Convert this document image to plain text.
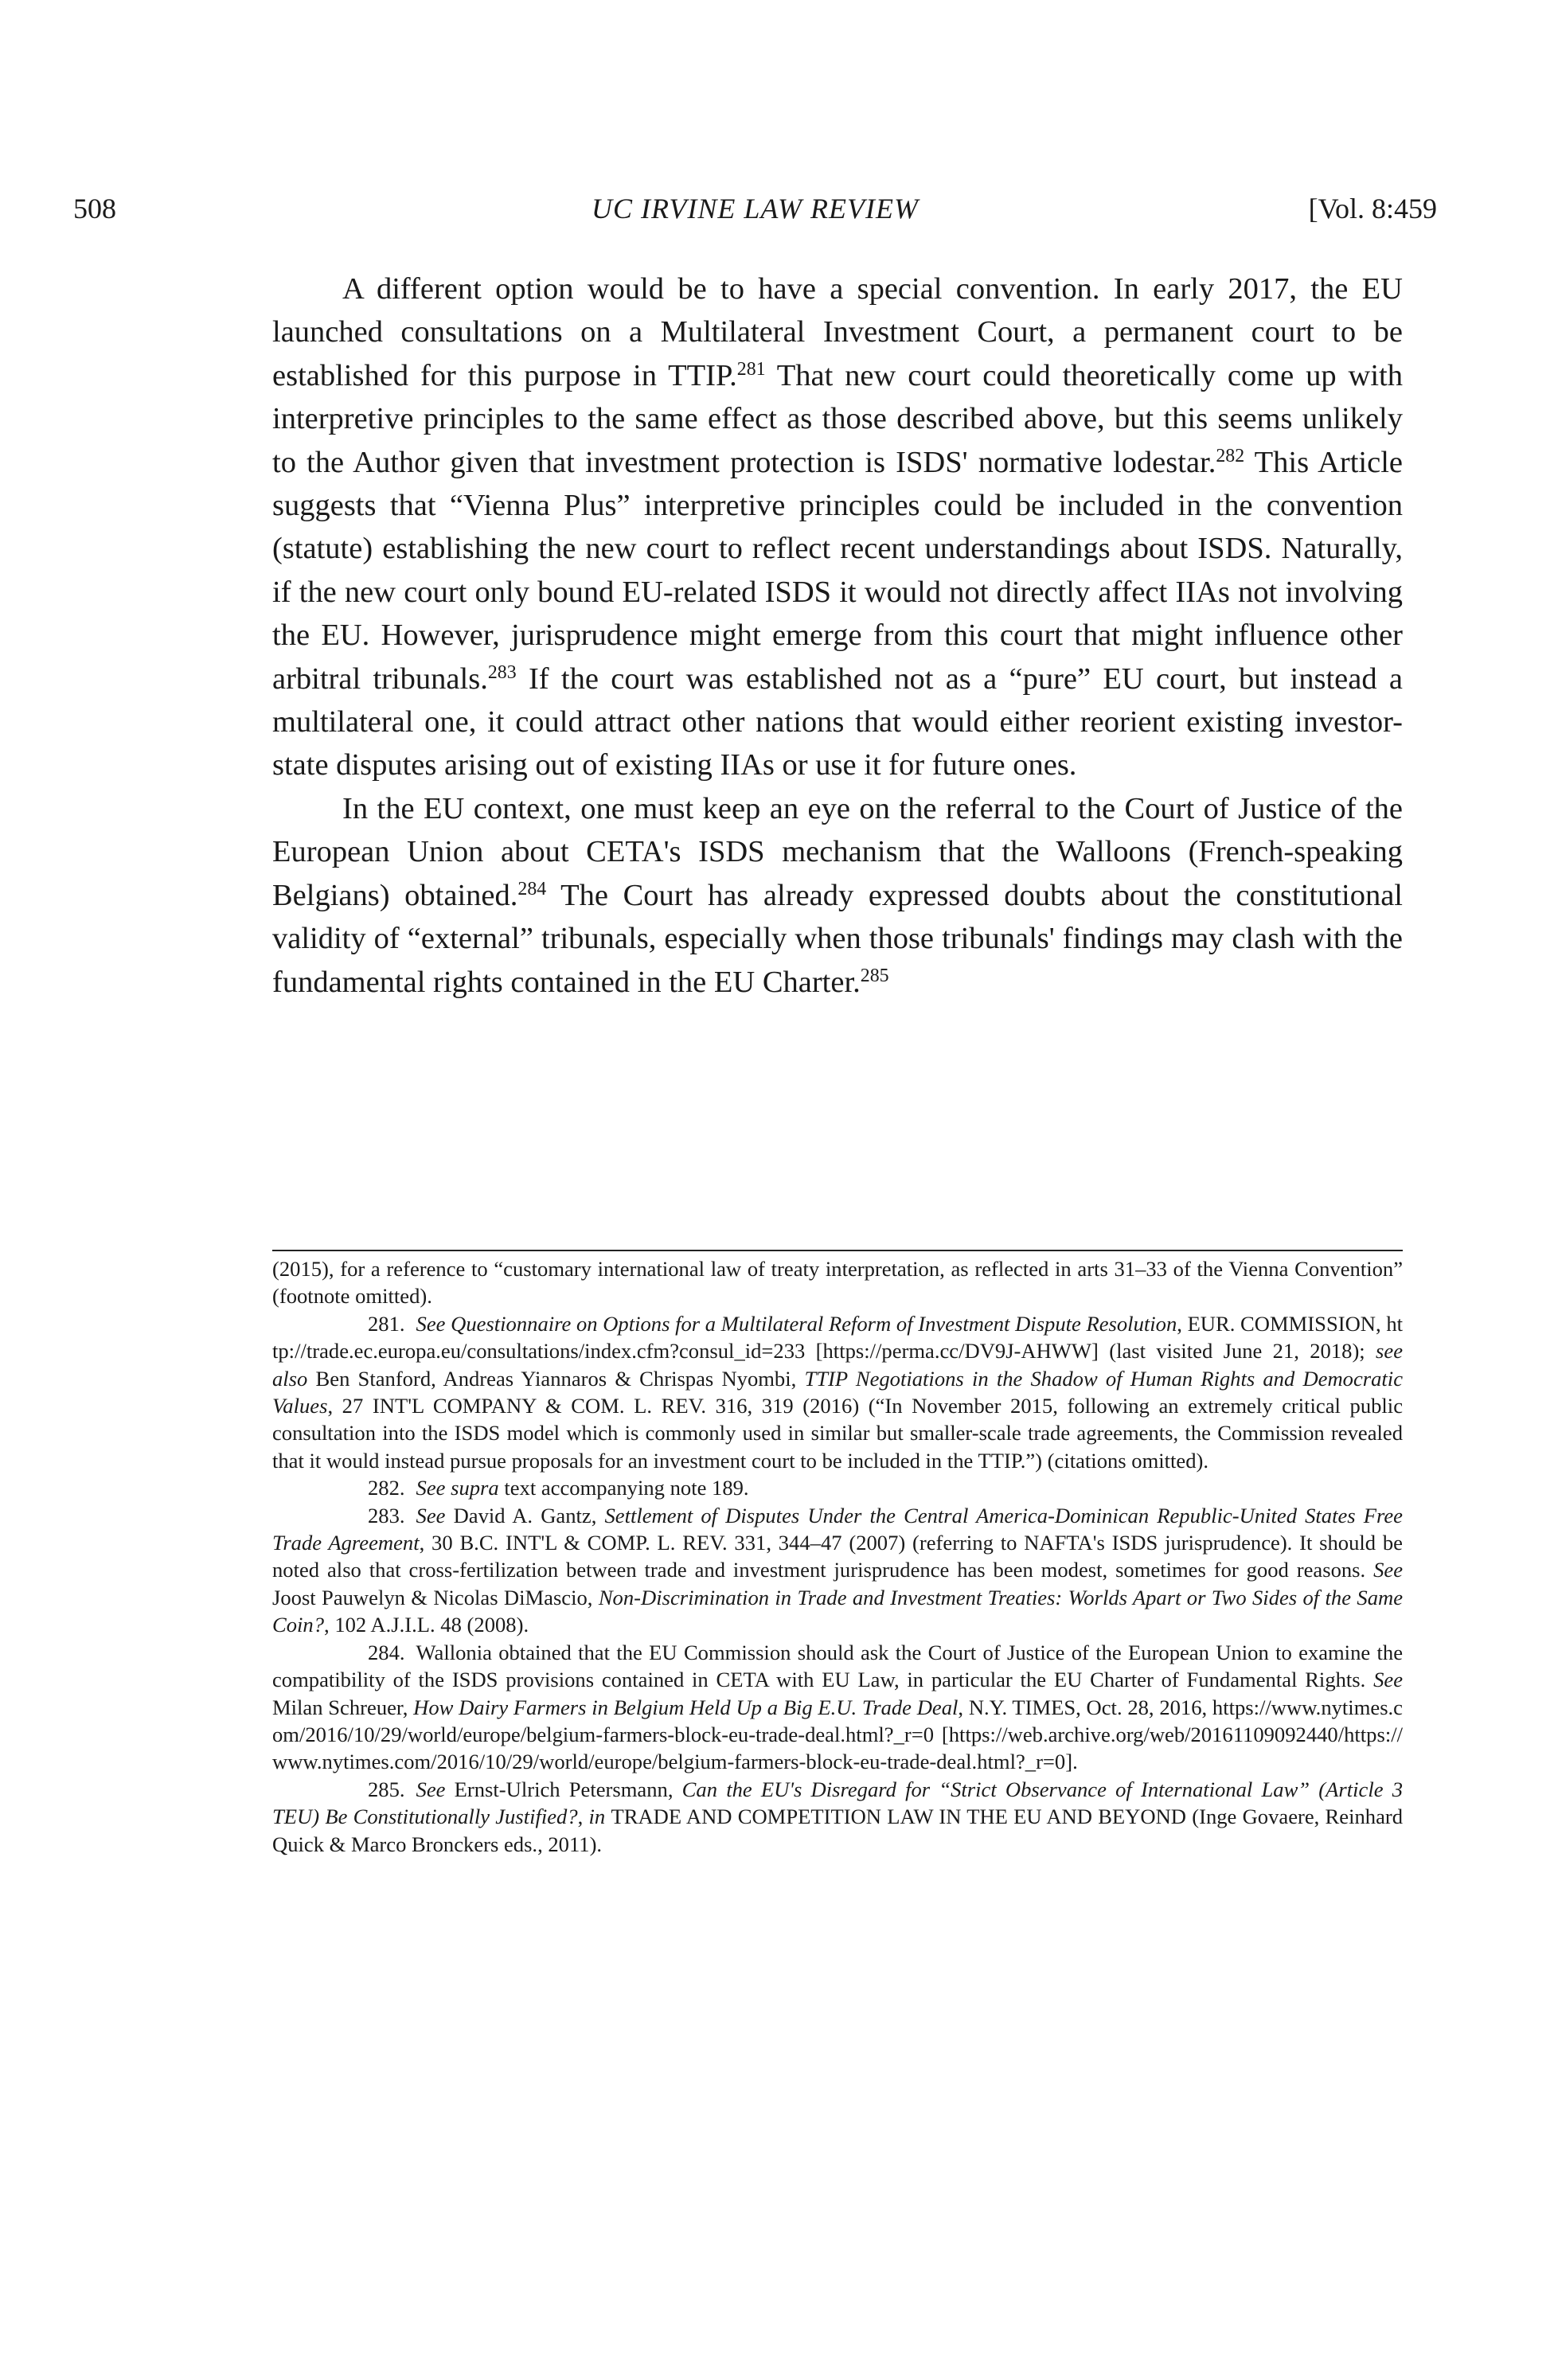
508	UC IRVINE LAW REVIEW	[Vol. 8:459

A different option would be to have a special convention. In early 2017, the EU launched consultations on a Multilateral Investment Court, a permanent court to be established for this purpose in TTIP.$^{281}$ That new court could theoretically come up with interpretive principles to the same effect as those described above, but this seems unlikely to the Author given that investment protection is ISDS' normative lodestar.$^{282}$ This Article suggests that “Vienna Plus” interpretive principles could be included in the convention (statute) establishing the new court to reflect recent understandings about ISDS. Naturally, if the new court only bound EU-related ISDS it would not directly affect IIAs not involving the EU. However, jurisprudence might emerge from this court that might influence other arbitral tribunals.$^{283}$ If the court was established not as a “pure” EU court, but instead a multilateral one, it could attract other nations that would either reorient existing investor-state disputes arising out of existing IIAs or use it for future ones.

In the EU context, one must keep an eye on the referral to the Court of Justice of the European Union about CETA's ISDS mechanism that the Walloons (French-speaking Belgians) obtained.$^{284}$ The Court has already expressed doubts about the constitutional validity of “external” tribunals, especially when those tribunals' findings may clash with the fundamental rights contained in the EU Charter.$^{285}$

(2015), for a reference to “customary international law of treaty interpretation, as reflected in arts 31–33 of the Vienna Convention” (footnote omitted).

281. See Questionnaire on Options for a Multilateral Reform of Investment Dispute Resolution, EUR. COMMISSION, http://trade.ec.europa.eu/consultations/index.cfm?consul_id=233 [https://perma.cc/DV9J-AHWW] (last visited June 21, 2018); see also Ben Stanford, Andreas Yiannaros & Chrispas Nyombi, TTIP Negotiations in the Shadow of Human Rights and Democratic Values, 27 INT'L COMPANY & COM. L. REV. 316, 319 (2016) (“In November 2015, following an extremely critical public consultation into the ISDS model which is commonly used in similar but smaller-scale trade agreements, the Commission revealed that it would instead pursue proposals for an investment court to be included in the TTIP.”) (citations omitted).

282. See supra text accompanying note 189.

283. See David A. Gantz, Settlement of Disputes Under the Central America-Dominican Republic-United States Free Trade Agreement, 30 B.C. INT'L & COMP. L. REV. 331, 344–47 (2007) (referring to NAFTA's ISDS jurisprudence). It should be noted also that cross-fertilization between trade and investment jurisprudence has been modest, sometimes for good reasons. See Joost Pauwelyn & Nicolas DiMascio, Non-Discrimination in Trade and Investment Treaties: Worlds Apart or Two Sides of the Same Coin?, 102 A.J.I.L. 48 (2008).

284. Wallonia obtained that the EU Commission should ask the Court of Justice of the European Union to examine the compatibility of the ISDS provisions contained in CETA with EU Law, in particular the EU Charter of Fundamental Rights. See Milan Schreuer, How Dairy Farmers in Belgium Held Up a Big E.U. Trade Deal, N.Y. TIMES, Oct. 28, 2016, https://www.nytimes.com/2016/10/29/world/europe/belgium-farmers-block-eu-trade-deal.html?_r=0 [https://web.archive.org/web/20161109092440/https://www.nytimes.com/2016/10/29/world/europe/belgium-farmers-block-eu-trade-deal.html?_r=0].

285. See Ernst-Ulrich Petersmann, Can the EU's Disregard for “Strict Observance of International Law” (Article 3 TEU) Be Constitutionally Justified?, in TRADE AND COMPETITION LAW IN THE EU AND BEYOND (Inge Govaere, Reinhard Quick & Marco Bronckers eds., 2011).
